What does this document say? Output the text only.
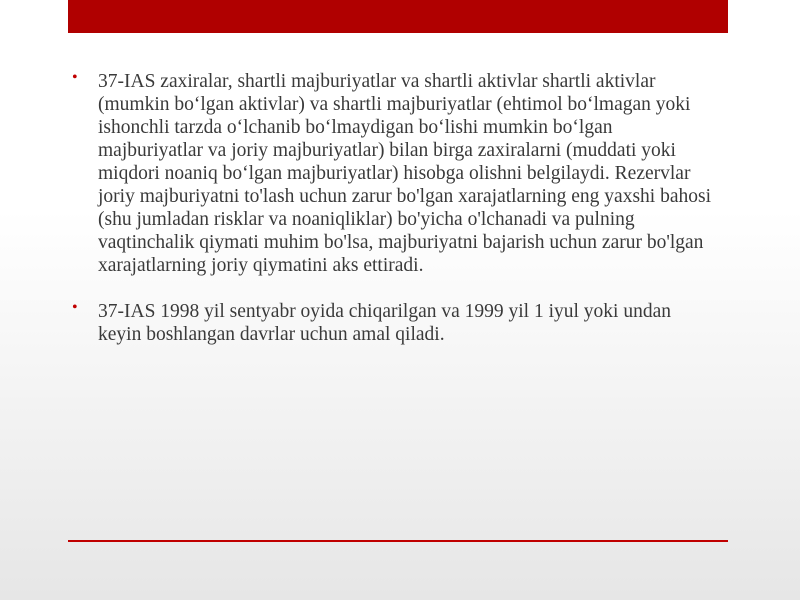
• 37-IAS zaxiralar, shartli majburiyatlar va shartli aktivlar shartli aktivlar (mumkin bo‘lgan aktivlar) va shartli majburiyatlar (ehtimol bo‘lmagan yoki ishonchli tarzda o‘lchanib bo‘lmaydigan bo‘lishi mumkin bo‘lgan majburiyatlar va joriy majburiyatlar) bilan birga zaxiralarni (muddati yoki miqdori noaniq bo‘lgan majburiyatlar) hisobga olishni belgilaydi. Rezervlar joriy majburiyatni to'lash uchun zarur bo'lgan xarajatlarning eng yaxshi bahosi (shu jumladan risklar va noaniqliklar) bo'yicha o'lchanadi va pulning vaqtinchalik qiymati muhim bo'lsa, majburiyatni bajarish uchun zarur bo'lgan xarajatlarning joriy qiymatini aks ettiradi.
• 37-IAS 1998 yil sentyabr oyida chiqarilgan va 1999 yil 1 iyul yoki undan keyin boshlangan davrlar uchun amal qiladi.
